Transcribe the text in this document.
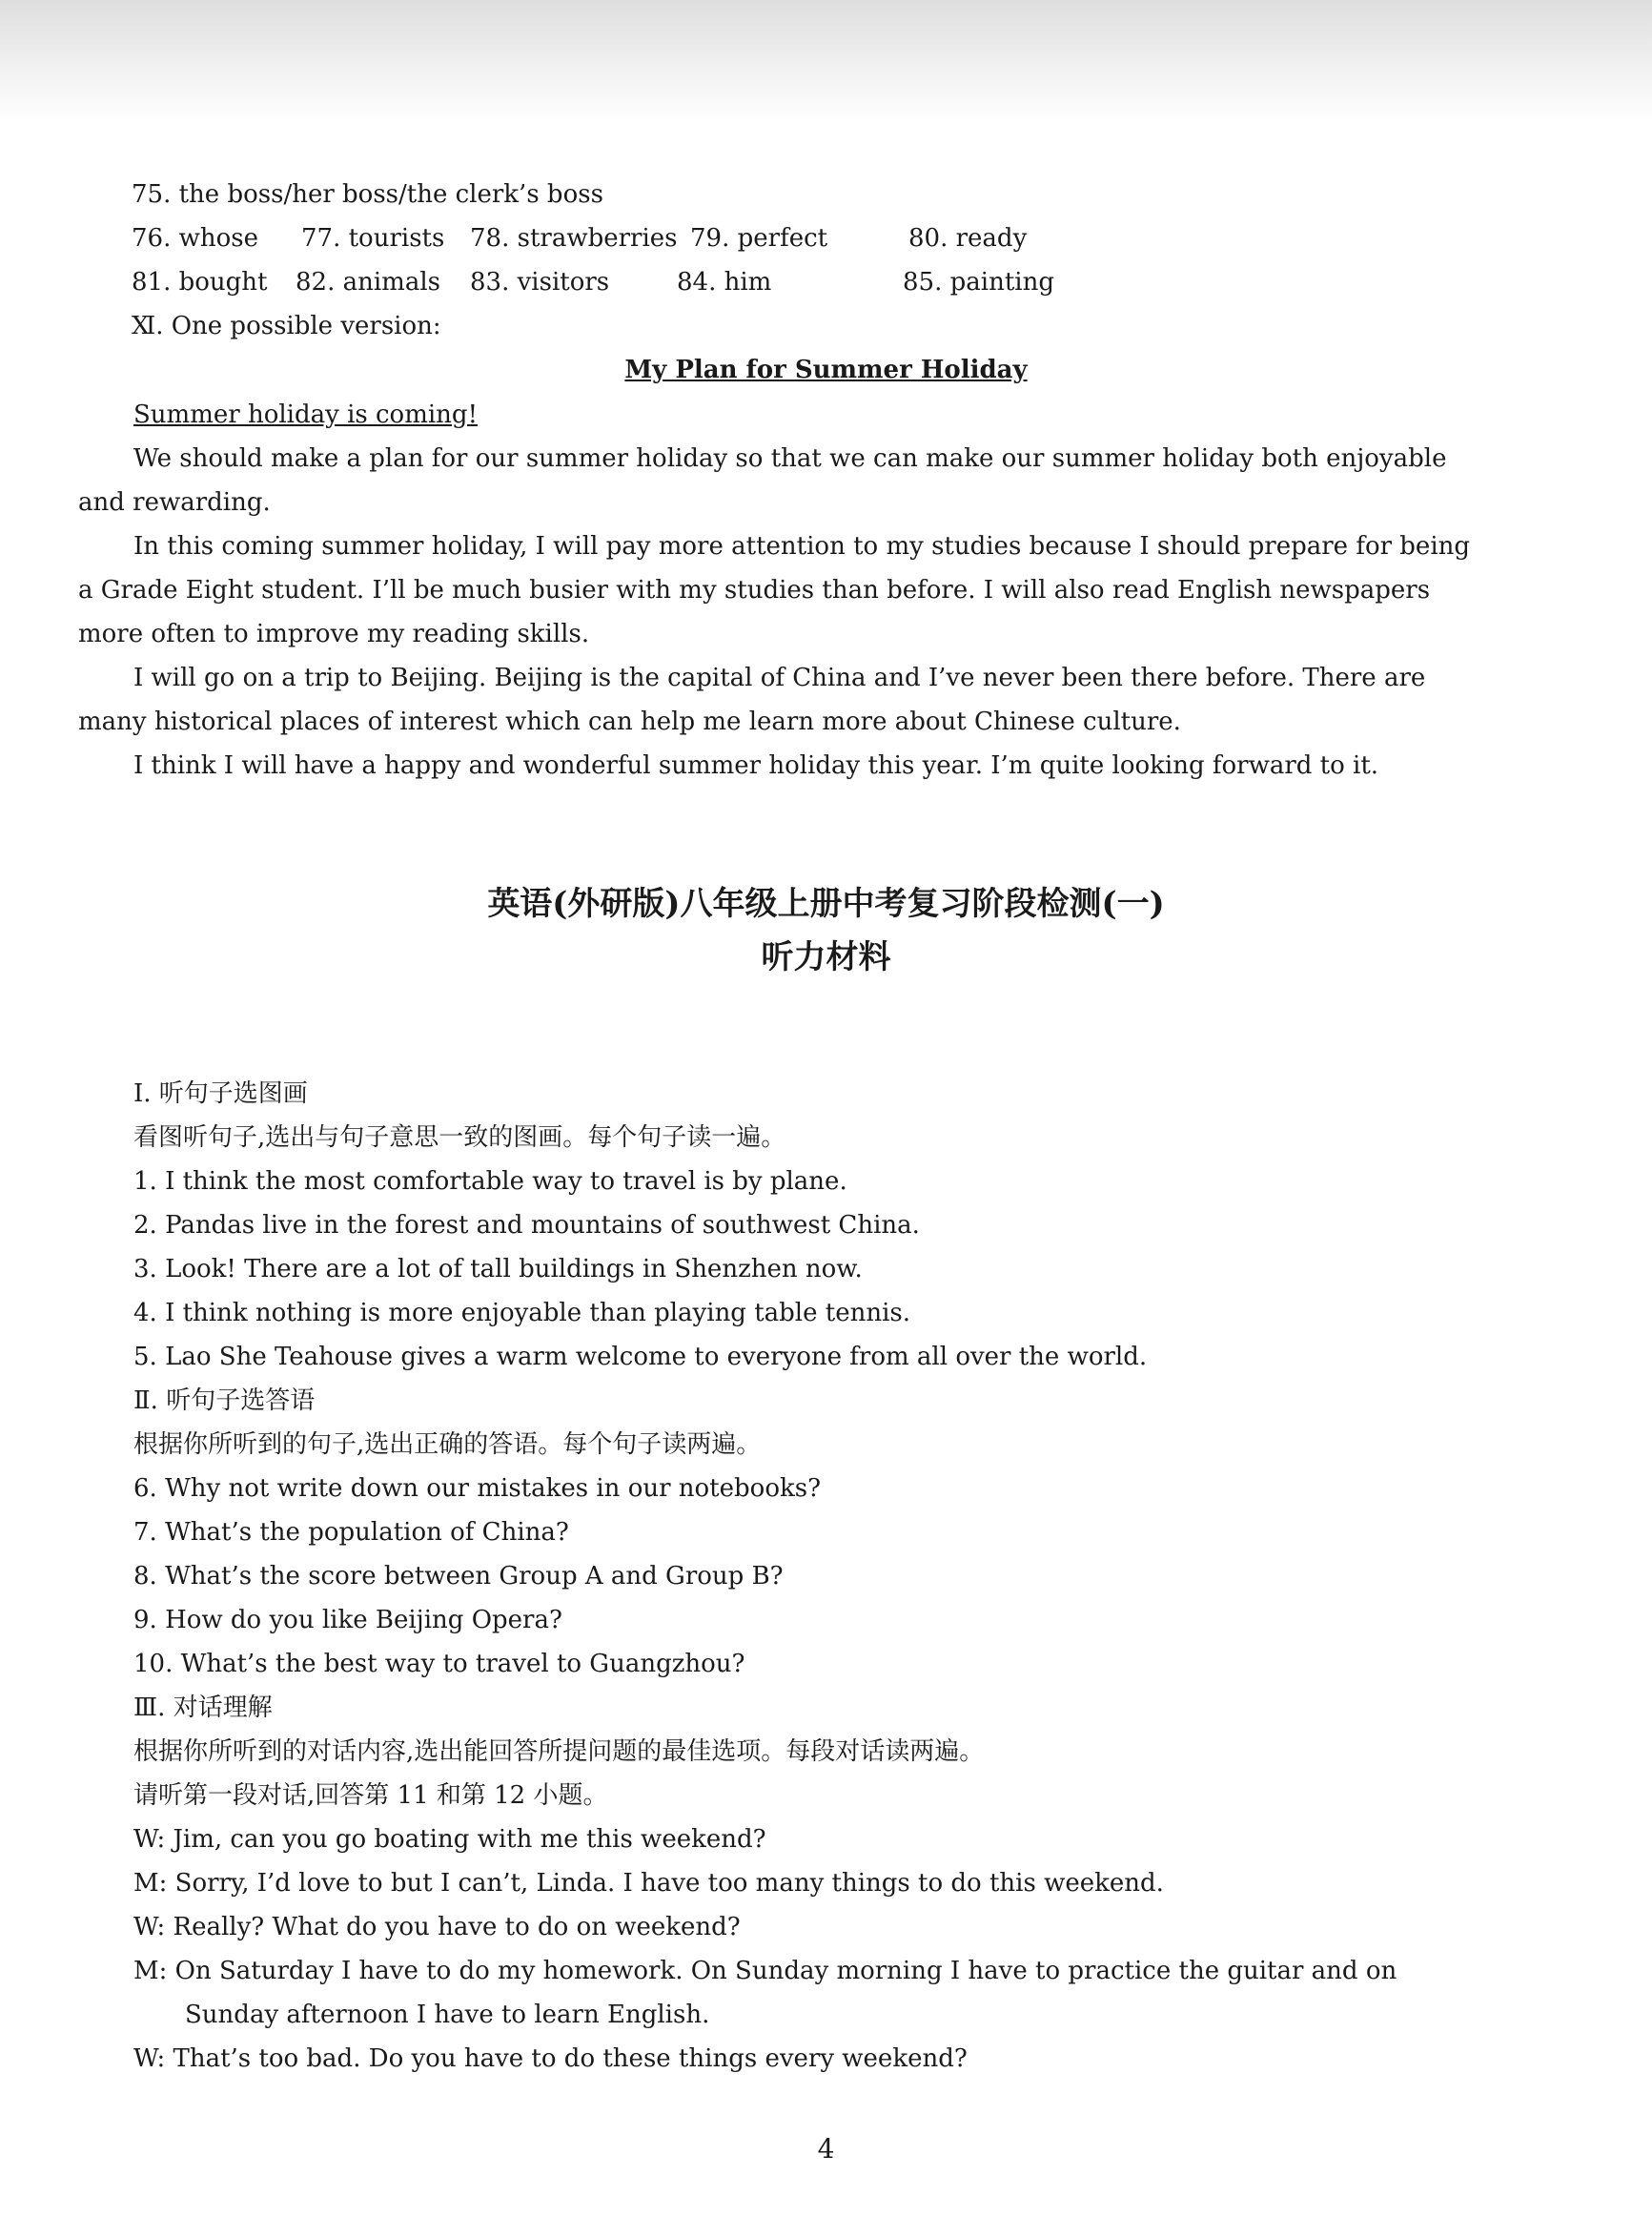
75. the boss/her boss/the clerk’s boss
76. whose 77. tourists 78. strawberries 79. perfect	80. ready
81. bought 82. animals 83. visitors	84. him	85. painting
Ⅺ. One possible version:
My Plan for Summer Holiday
Summer holiday is coming!
We should make a plan for our summer holiday so that we can make our summer holiday both enjoyable
and rewarding.
In this coming summer holiday, I will pay more attention to my studies because I should prepare for being
a Grade Eight student. I’ll be much busier with my studies than before. I will also read English newspapers
more often to improve my reading skills.
I will go on a trip to Beijing. Beijing is the capital of China and I’ve never been there before. There are
many historical places of interest which can help me learn more about Chinese culture.
I think I will have a happy and wonderful summer holiday this year. I’m quite looking forward to it.
英语(外研版)八年级上册中考复习阶段检测(一)
听力材料
Ⅰ. 听句子选图画
看图听句子,选出与句子意思一致的图画。每个句子读一遍。
1. I think the most comfortable way to travel is by plane.
2. Pandas live in the forest and mountains of southwest China.
3. Look! There are a lot of tall buildings in Shenzhen now.
4. I think nothing is more enjoyable than playing table tennis.
5. Lao She Teahouse gives a warm welcome to everyone from all over the world.
Ⅱ. 听句子选答语
根据你所听到的句子,选出正确的答语。每个句子读两遍。
6. Why not write down our mistakes in our notebooks?
7. What’s the population of China?
8. What’s the score between Group A and Group B?
9. How do you like Beijing Opera?
10. What’s the best way to travel to Guangzhou?
Ⅲ. 对话理解
根据你所听到的对话内容,选出能回答所提问题的最佳选项。每段对话读两遍。
请听第一段对话,回答第 11 和第 12 小题。
W: Jim, can you go boating with me this weekend?
M: Sorry, I’d love to but I can’t, Linda. I have too many things to do this weekend.
W: Really? What do you have to do on weekend?
M: On Saturday I have to do my homework. On Sunday morning I have to practice the guitar and on
Sunday afternoon I have to learn English.
W: That’s too bad. Do you have to do these things every weekend?
4
